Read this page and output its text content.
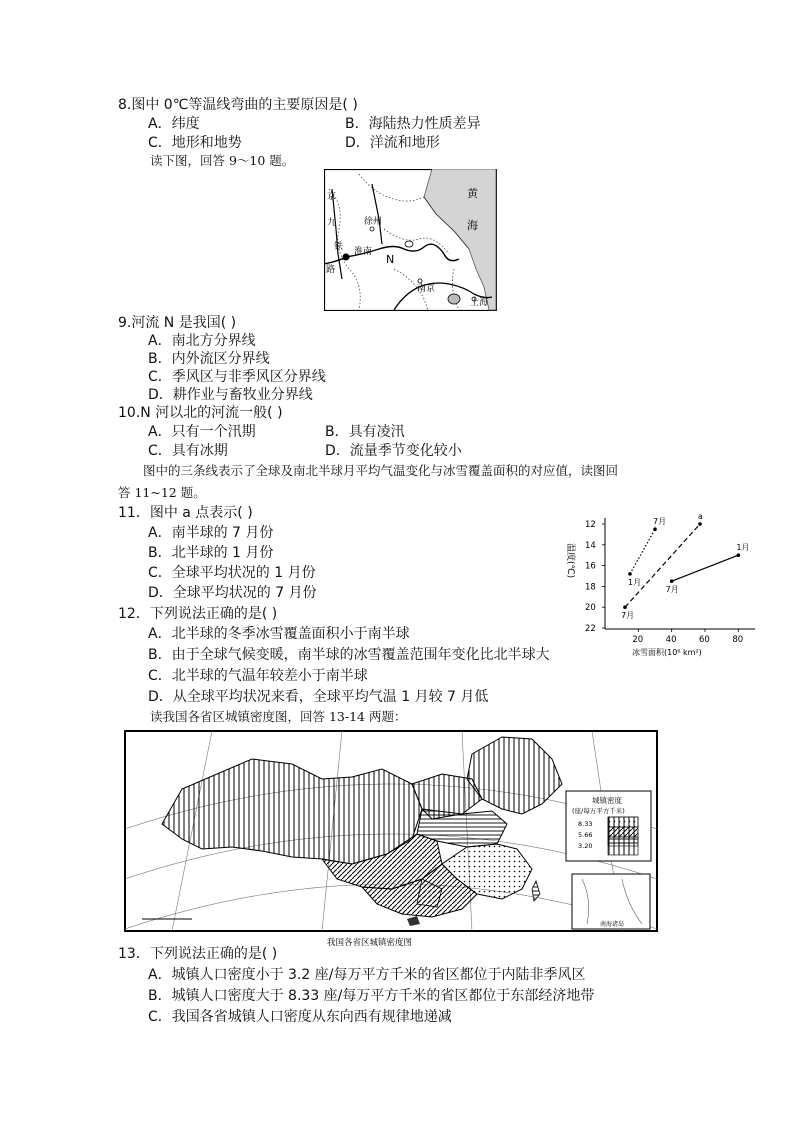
8.图中 0℃等温线弯曲的主要原因是( )
A．纬度	B．海陆热力性质差异
C．地形和地势	D．洋流和地形
读下图，回答 9～10 题。
黄
海
京
九
铁
路
徐州
淮南
N
南京
上海
9.河流 N 是我国( )
A．南北方分界线
B．内外流区分界线
C．季风区与非季风区分界线
D．耕作业与畜牧业分界线
10.N 河以北的河流一般( )
A．只有一个汛期	B．具有凌汛
C．具有冰期	D．流量季节变化较小
图中的三条线表示了全球及南北半球月平均气温变化与冰雪覆盖面积的对应值，读图回
答 11~12 题。
11．图中 a 点表示( )
A．南半球的 7 月份
B．北半球的 1 月份
C．全球平均状况的 1 月份
D．全球平均状况的 7 月份
12
14
16
18
20
22
20	40	60	80
1月
7月
7月
a
7月
1月
温度(℃)
冰雪面积(10⁶ km²)
12．下列说法正确的是( )
A．北半球的冬季冰雪覆盖面积小于南半球
B．由于全球气候变暖，南半球的冰雪覆盖范围年变化比北半球大
C．北半球的气温年较差小于南半球
D．从全球平均状况来看，全球平均气温 1 月较 7 月低
读我国各省区城镇密度图，回答 13-14 两题：
城镇密度
(座/每万平方千米)
8.33
5.66
3.20
南海诸岛
我国各省区城镇密度图
13．下列说法正确的是( )
A．城镇人口密度小于 3.2 座/每万平方千米的省区都位于内陆非季风区
B．城镇人口密度大于 8.33 座/每万平方千米的省区都位于东部经济地带
C．我国各省城镇人口密度从东向西有规律地递减
